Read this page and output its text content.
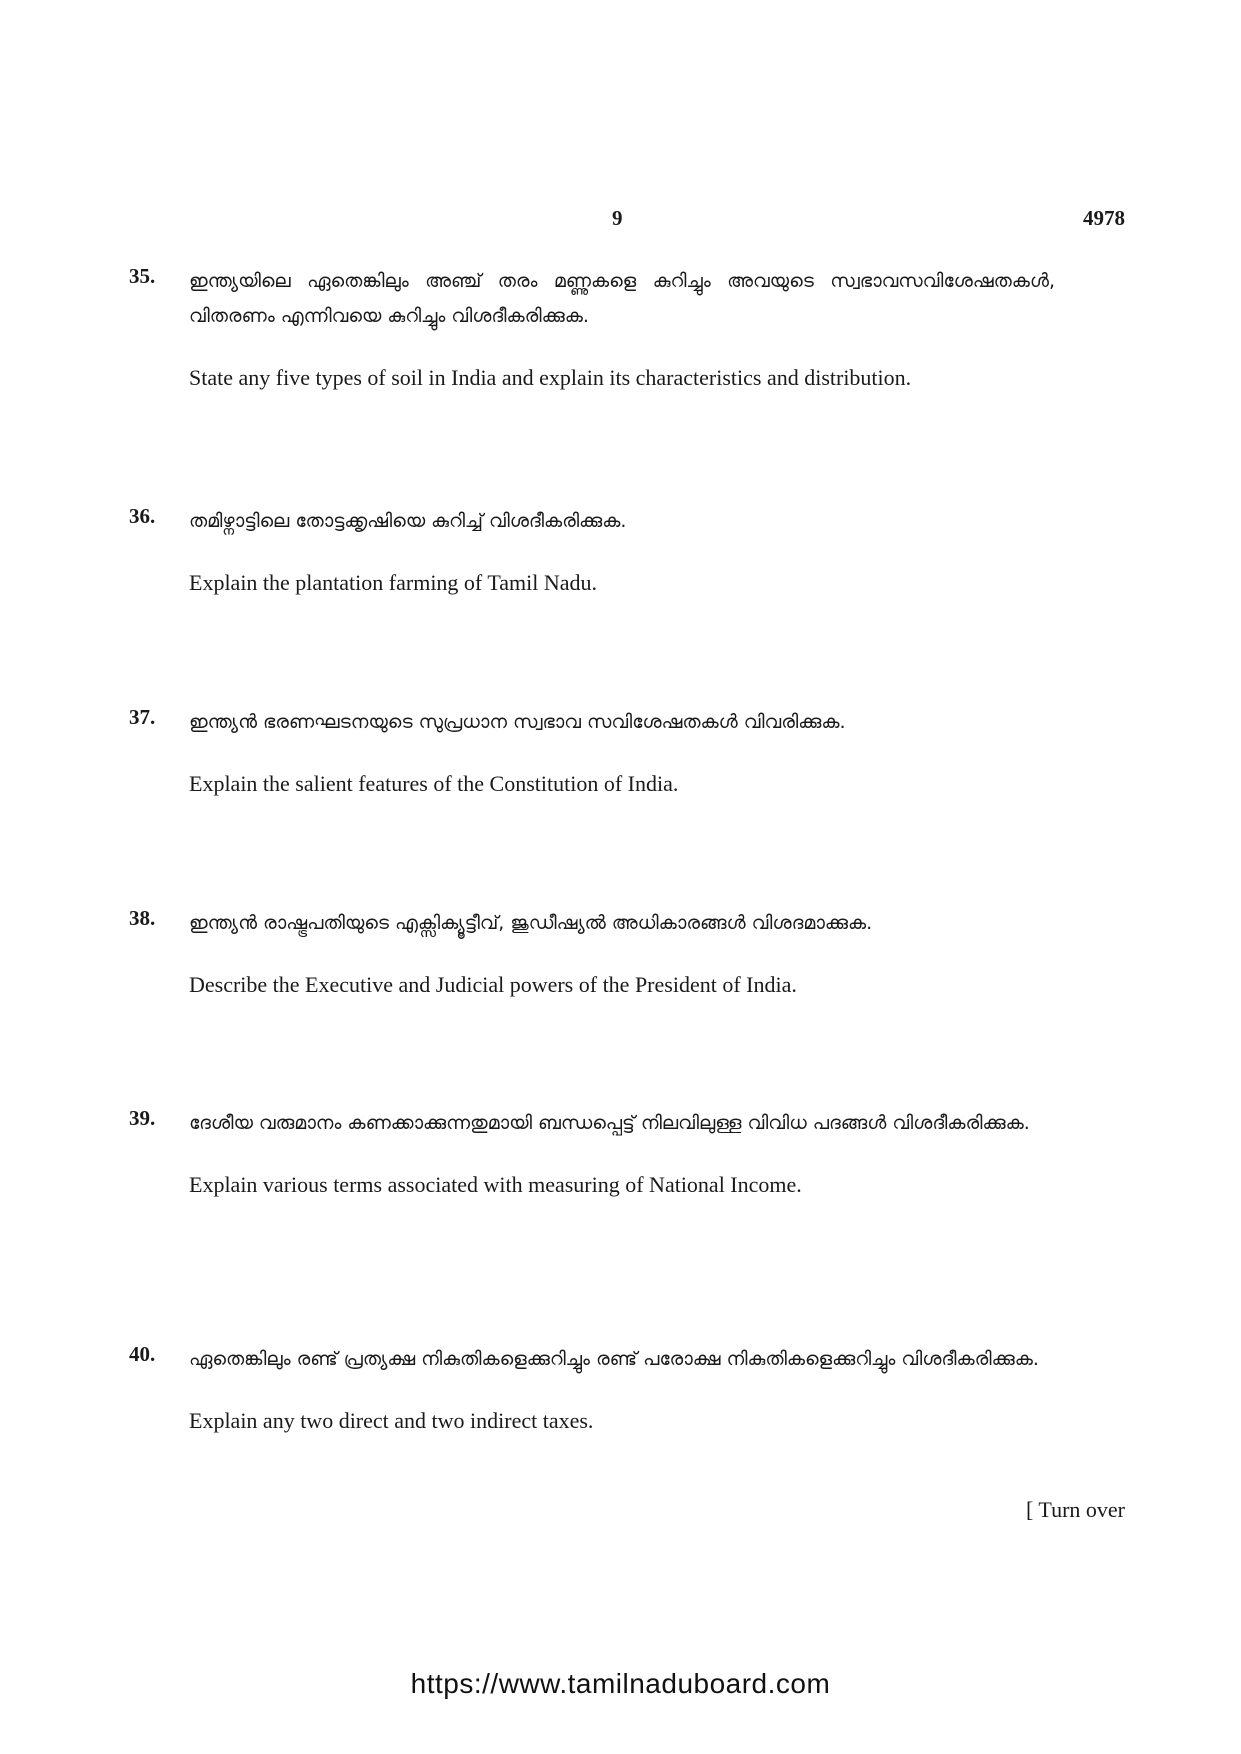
9	4978
35. ഇന്ത്യയിലെ ഏതെങ്കിലും അഞ്ച് തരം മണ്ണുകളെ കുറിച്ചും അവയുടെ സ്വഭാവസവിശേഷതകൾ, വിതരണം എന്നിവയെ കുറിച്ചും വിശദീകരിക്കുക.
State any five types of soil in India and explain its characteristics and distribution.
36. തമിഴ്നാട്ടിലെ തോട്ടക്കൃഷിയെ കുറിച്ച് വിശദീകരിക്കുക.
Explain the plantation farming of Tamil Nadu.
37. ഇന്ത്യൻ ഭരണഘടനയുടെ സുപ്രധാന സ്വഭാവ സവിശേഷതകൾ വിവരിക്കുക.
Explain the salient features of the Constitution of India.
38. ഇന്ത്യൻ രാഷ്ട്രപതിയുടെ എക്സിക്യൂട്ടീവ്, ജുഡീഷ്യൽ അധികാരങ്ങൾ വിശദമാക്കുക.
Describe the Executive and Judicial powers of the President of India.
39. ദേശീയ വരുമാനം കണക്കാക്കുന്നതുമായി ബന്ധപ്പെട്ട് നിലവിലുള്ള വിവിധ പദങ്ങൾ വിശദീകരിക്കുക.
Explain various terms associated with measuring of National Income.
40. ഏതെങ്കിലും രണ്ട് പ്രത്യക്ഷ നികുതികളെക്കുറിച്ചും രണ്ട് പരോക്ഷ നികുതികളെക്കുറിച്ചും വിശദീകരിക്കുക.
Explain any two direct and two indirect taxes.
[ Turn over
https://www.tamilnaduboard.com
